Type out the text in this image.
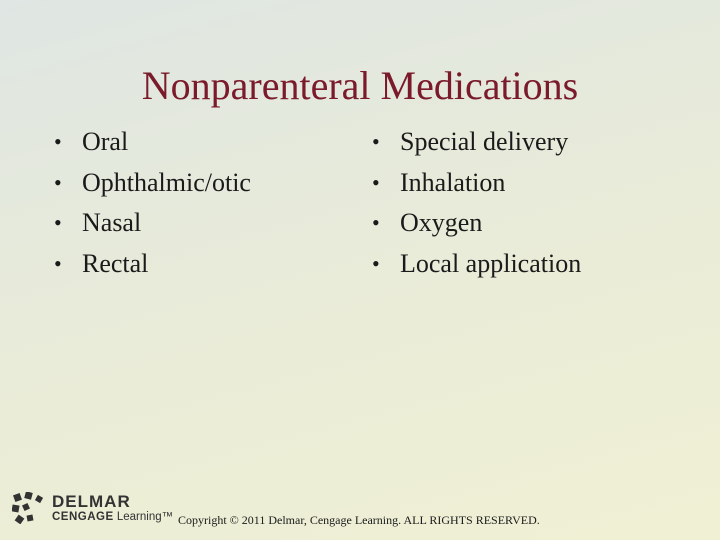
Nonparenteral Medications
• Oral
• Ophthalmic/otic
• Nasal
• Rectal
• Special delivery
• Inhalation
• Oxygen
• Local application
DELMAR
CENGAGE Learning™ Copyright © 2011 Delmar, Cengage Learning. ALL RIGHTS RESERVED.
